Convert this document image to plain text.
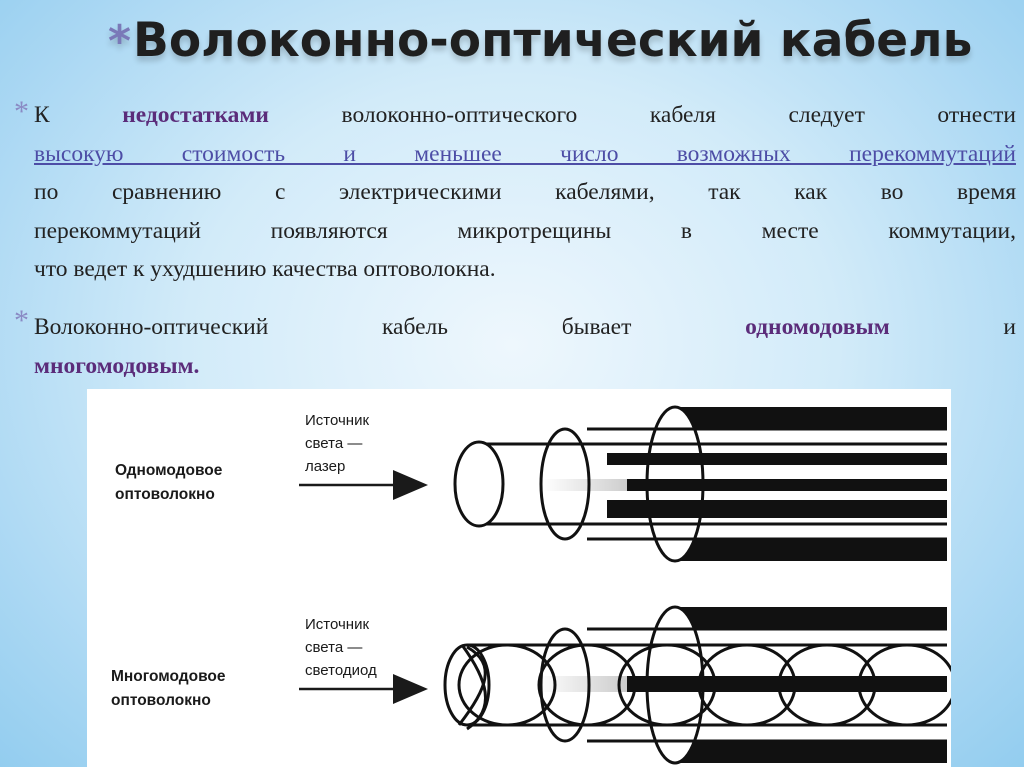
*Волоконно-оптический кабель
* К недостатками волоконно-оптического кабеля следует отнести
высокую стоимость и меньшее число возможных перекоммутаций
по сравнению с электрическими кабелями, так как во время
перекоммутаций появляются микротрещины в месте коммутации,
что ведет к ухудшению качества оптоволокна.
* Волоконно-оптический кабель бывает одномодовым и
многомодовым.
Источник
света —
лазер
Одномодовое
оптоволокно
Источник
света —
светодиод
Многомодовое
оптоволокно
